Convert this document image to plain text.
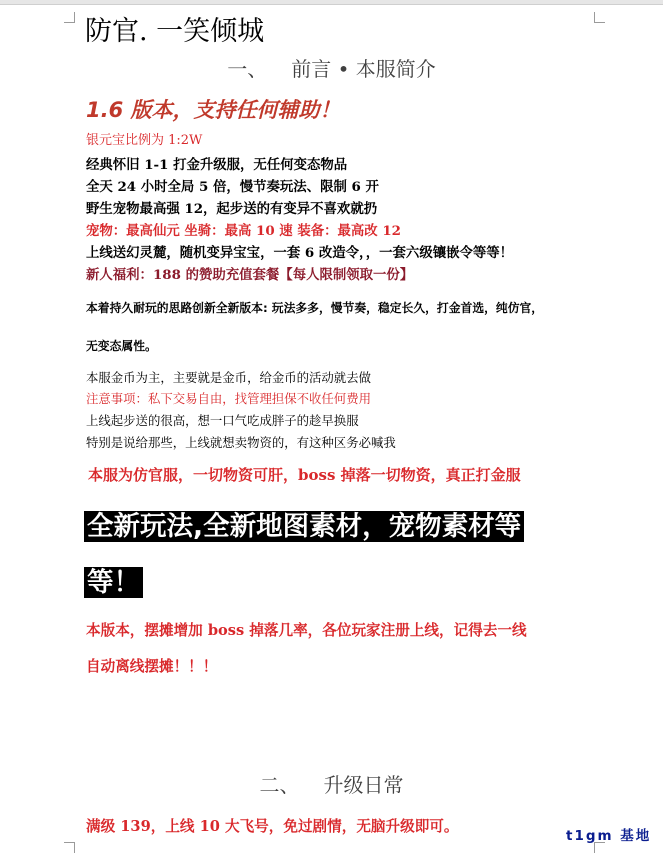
防官. 一笑倾城
一、 前言 • 本服简介
1.6 版本，支持任何辅助！
银元宝比例为 1:2W
经典怀旧 1-1 打金升级服，无任何变态物品
全天 24 小时全局 5 倍，慢节奏玩法、限制 6 开
野生宠物最高强 12，起步送的有变异不喜欢就扔
宠物：最高仙元 坐骑：最高 10 速 装备：最高改 12
上线送幻灵麓，随机变异宝宝，一套 6 改造令，，一套六级镶嵌令等等！
新人福利：188 的赞助充值套餐【每人限制领取一份】
本着持久耐玩的思路创新全新版本: 玩法多多，慢节奏，稳定长久，打金首选，纯仿官，
无变态属性。
本服金币为主，主要就是金币，给金币的活动就去做
注意事项：私下交易自由，找管理担保不收任何费用
上线起步送的很高，想一口气吃成胖子的趁早换服
特别是说给那些，上线就想卖物资的，有这种区务必喊我
本服为仿官服，一切物资可肝，boss 掉落一切物资，真正打金服
全新玩法,全新地图素材，宠物素材等
等！
本版本，摆摊增加 boss 掉落几率，各位玩家注册上线，记得去一线
自动离线摆摊！！！
二、 升级日常
满级 139，上线 10 大飞号，免过剧情，无脑升级即可。
t1gm 基地
